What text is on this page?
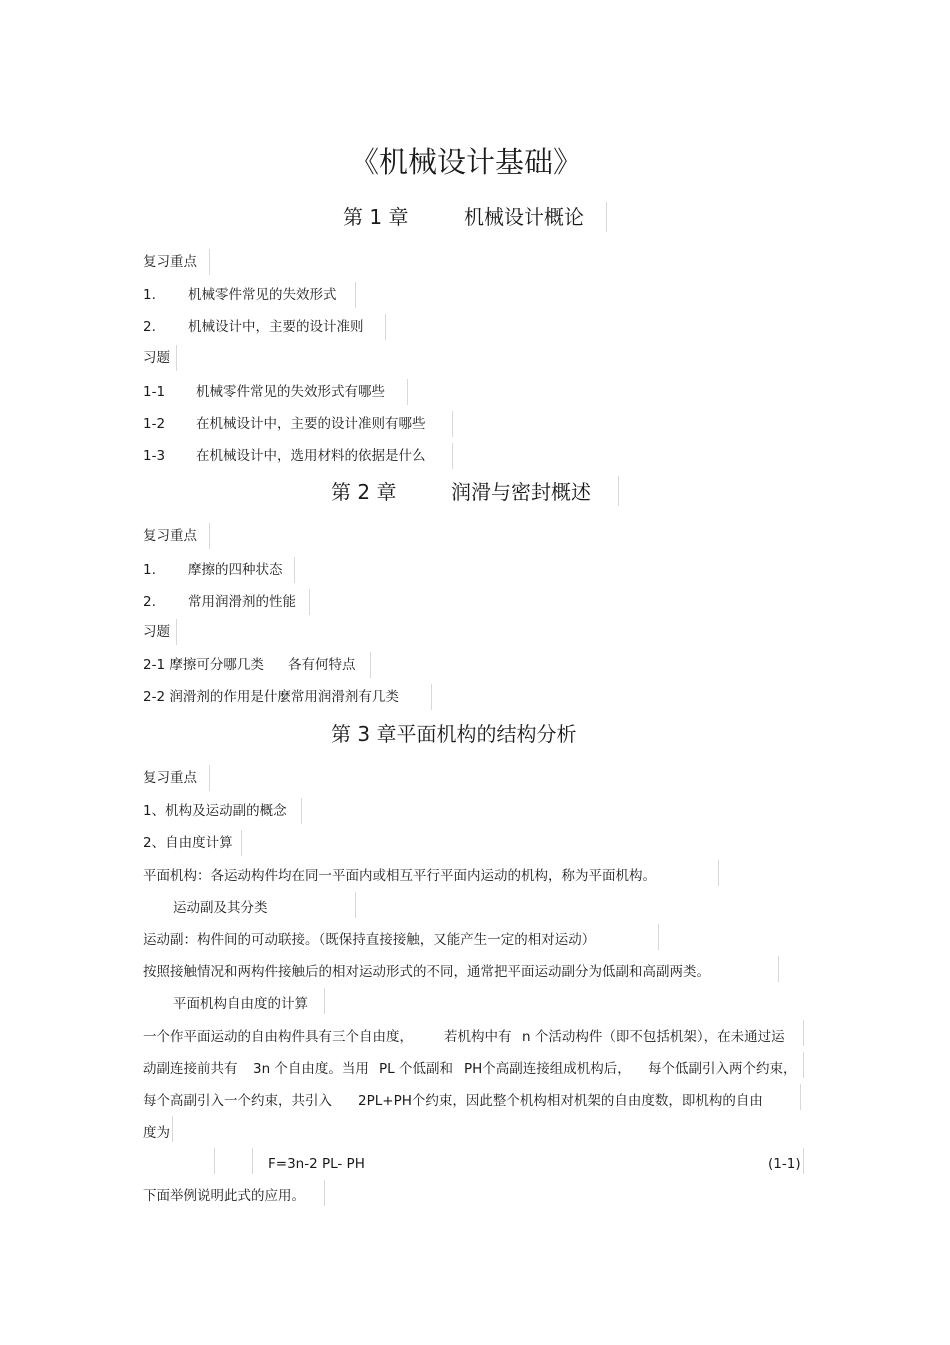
《机械设计基础》
第 1 章	机械设计概论
复习重点
1. 机械零件常见的失效形式
2. 机械设计中，主要的设计准则
习题
1-1 机械零件常见的失效形式有哪些
1-2 在机械设计中，主要的设计准则有哪些
1-3 在机械设计中，选用材料的依据是什么
第 2 章	润滑与密封概述
复习重点
1. 摩擦的四种状态
2. 常用润滑剂的性能
习题
2-1 摩擦可分哪几类 各有何特点
2-2 润滑剂的作用是什麼常用润滑剂有几类
第 3 章平面机构的结构分析
复习重点
1、机构及运动副的概念
2、自由度计算
平面机构：各运动构件均在同一平面内或相互平行平面内运动的机构，称为平面机构。
运动副及其分类
运动副：构件间的可动联接。（既保持直接接触，又能产生一定的相对运动）
按照接触情况和两构件接触后的相对运动形式的不同，通常把平面运动副分为低副和高副两类。
平面机构自由度的计算
一个作平面运动的自由构件具有三个自由度， 若机构中有 n 个活动构件（即不包括机架），在未通过运
动副连接前共有 3n 个自由度。当用 PL 个低副和 PH个高副连接组成机构后， 每个低副引入两个约束，
每个高副引入一个约束，共引入 2PL+PH个约束，因此整个机构相对机架的自由度数，即机构的自由
度为
F=3n-2 PL- PH	(1-1)
下面举例说明此式的应用。
